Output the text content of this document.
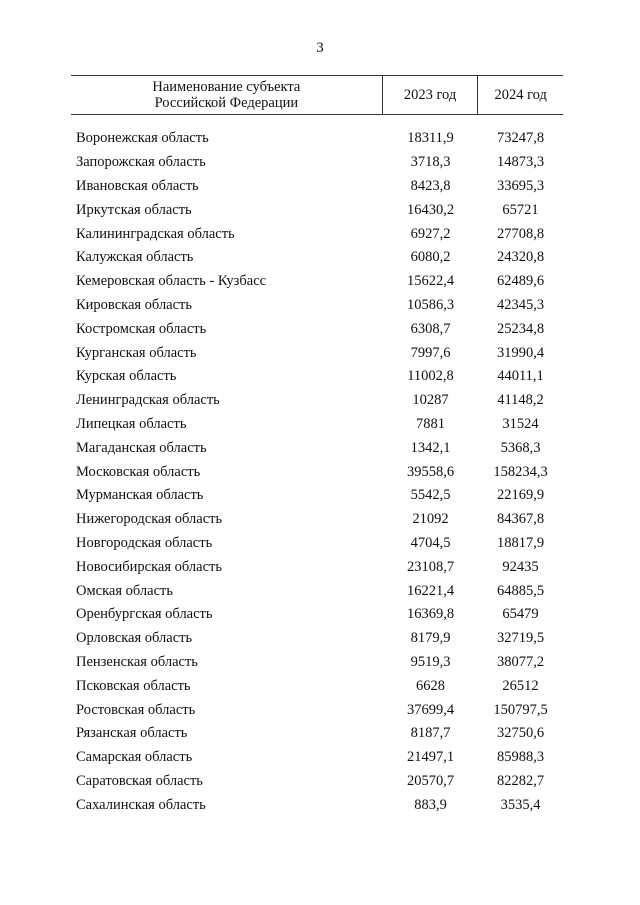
3
Наименование субъекта
Российской Федерации	2023 год	2024 год
Воронежская область	18311,9	73247,8
Запорожская область	3718,3	14873,3
Ивановская область	8423,8	33695,3
Иркутская область	16430,2	65721
Калининградская область	6927,2	27708,8
Калужская область	6080,2	24320,8
Кемеровская область - Кузбасс	15622,4	62489,6
Кировская область	10586,3	42345,3
Костромская область	6308,7	25234,8
Курганская область	7997,6	31990,4
Курская область	11002,8	44011,1
Ленинградская область	10287	41148,2
Липецкая область	7881	31524
Магаданская область	1342,1	5368,3
Московская область	39558,6	158234,3
Мурманская область	5542,5	22169,9
Нижегородская область	21092	84367,8
Новгородская область	4704,5	18817,9
Новосибирская область	23108,7	92435
Омская область	16221,4	64885,5
Оренбургская область	16369,8	65479
Орловская область	8179,9	32719,5
Пензенская область	9519,3	38077,2
Псковская область	6628	26512
Ростовская область	37699,4	150797,5
Рязанская область	8187,7	32750,6
Самарская область	21497,1	85988,3
Саратовская область	20570,7	82282,7
Сахалинская область	883,9	3535,4
